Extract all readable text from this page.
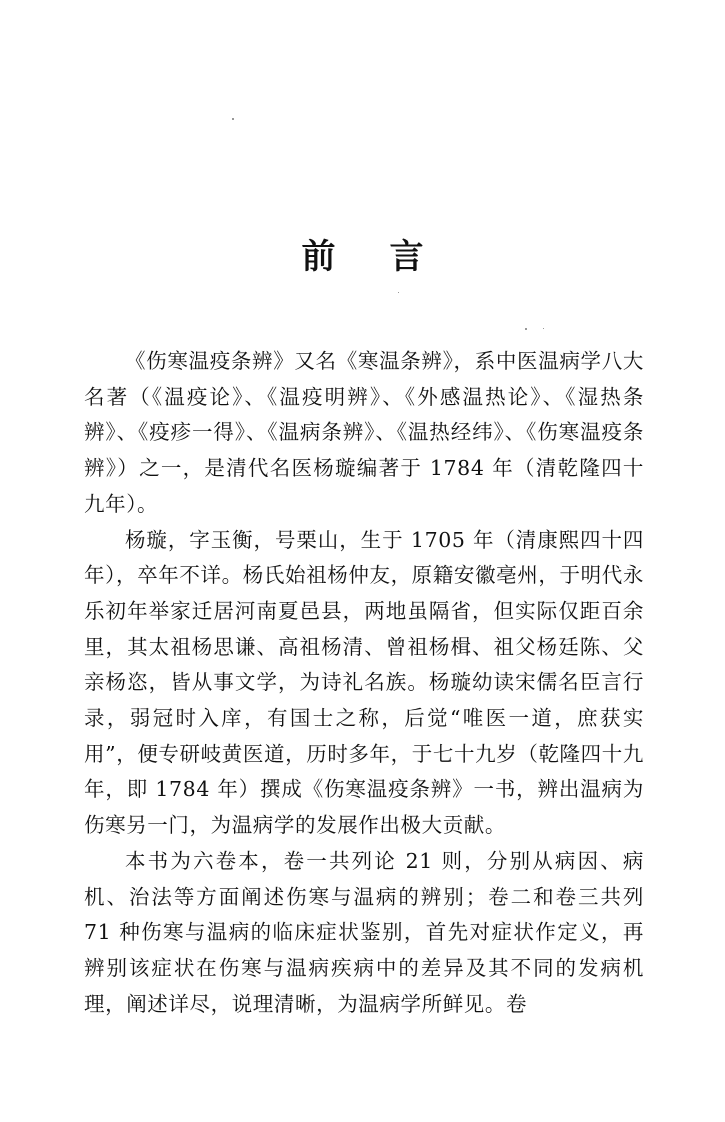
前 言

《伤寒温疫条辨》又名《寒温条辨》，系中医温病学八大名著（《温疫论》、《温疫明辨》、《外感温热论》、《湿热条辨》、《疫疹一得》、《温病条辨》、《温热经纬》、《伤寒温疫条辨》）之一，是清代名医杨璇编著于 1784 年（清乾隆四十九年）。

杨璇，字玉衡，号栗山，生于 1705 年（清康熙四十四年），卒年不详。杨氏始祖杨仲友，原籍安徽亳州，于明代永乐初年举家迁居河南夏邑县，两地虽隔省，但实际仅距百余里，其太祖杨思谦、高祖杨清、曾祖杨楫、祖父杨廷陈、父亲杨恣，皆从事文学，为诗礼名族。杨璇幼读宋儒名臣言行录，弱冠时入庠，有国士之称，后觉“唯医一道，庶获实用”，便专研岐黄医道，历时多年，于七十九岁（乾隆四十九年，即 1784 年）撰成《伤寒温疫条辨》一书，辨出温病为伤寒另一门，为温病学的发展作出极大贡献。

本书为六卷本，卷一共列论 21 则，分别从病因、病机、治法等方面阐述伤寒与温病的辨别；卷二和卷三共列 71 种伤寒与温病的临床症状鉴别，首先对症状作定义，再辨别该症状在伤寒与温病疾病中的差异及其不同的发病机理，阐述详尽，说理清晰，为温病学所鲜见。卷
